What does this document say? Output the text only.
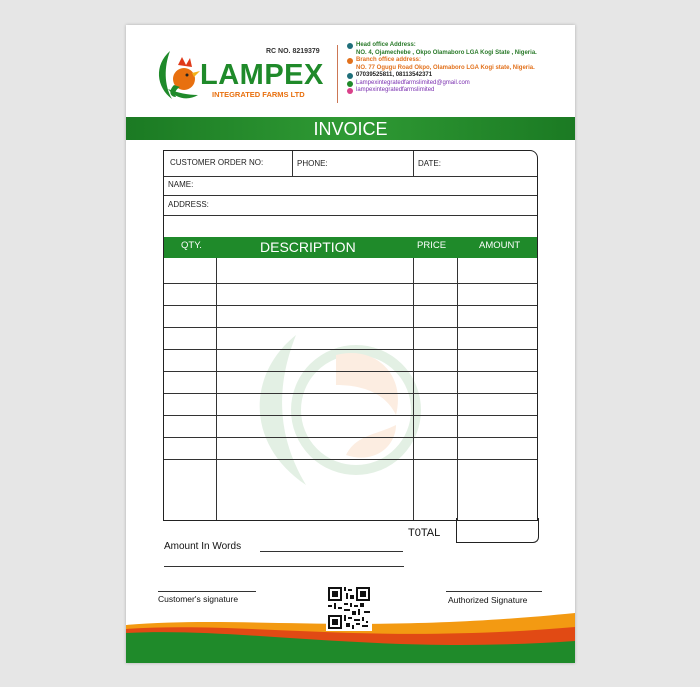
RC NO. 8219379
LAMPEX
INTEGRATED FARMS LTD
Head office Address:
NO. 4, Ojamechebe , Okpo Olamaboro LGA Kogi State , Nigeria.
Branch office address:
NO. 77 Ogugu Road Okpo, Olamaboro LGA Kogi state, Nigeria.
07039525811, 08113542371
Lampexintegratedfarmslimited@gmail.com
lampexintegratedfarmslimited
INVOICE
CUSTOMER ORDER NO:	PHONE:	DATE:
NAME:
ADDRESS:
QTY.	DESCRIPTION	PRICE	AMOUNT
T0TAL
Amount In Words
Customer's signature	Authorized Signature
